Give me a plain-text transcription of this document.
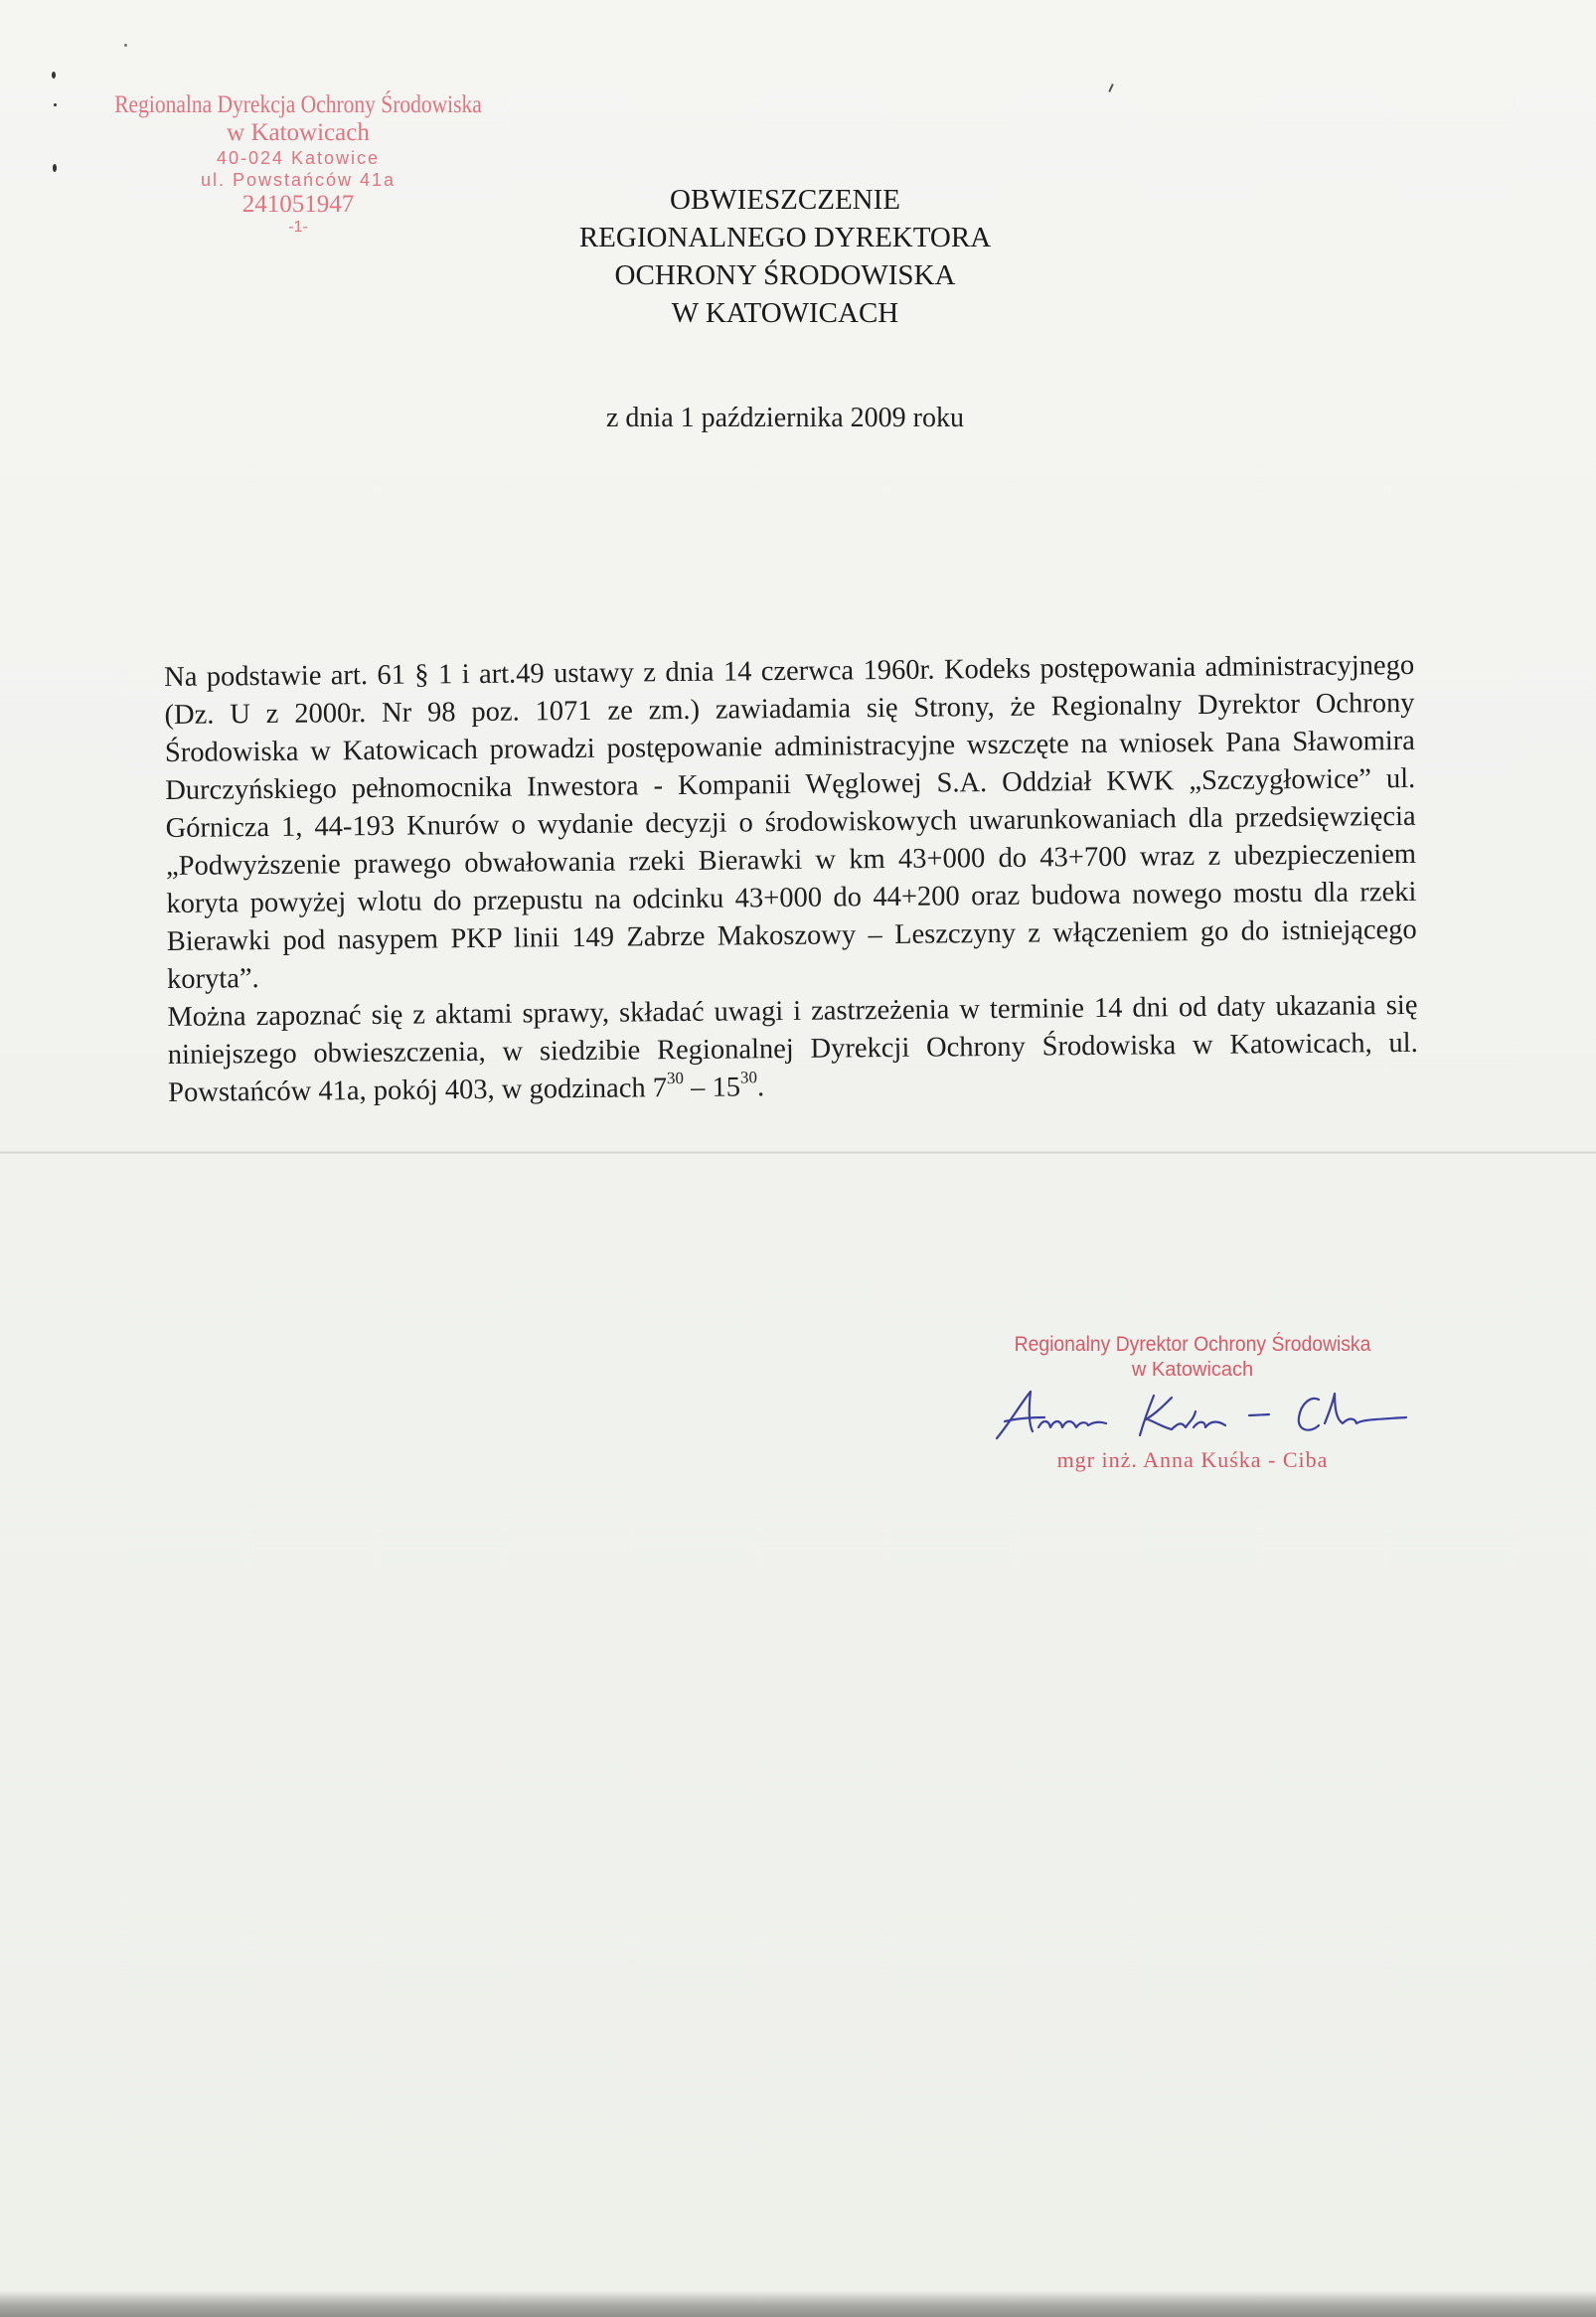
Regionalna Dyrekcja Ochrony Środowiska
w Katowicach
40-024 Katowice
ul. Powstańców 41a
241051947
-1-
OBWIESZCZENIE
REGIONALNEGO DYREKTORA
OCHRONY ŚRODOWISKA
W KATOWICACH
z dnia 1 października 2009 roku

Na podstawie art. 61 § 1 i art.49 ustawy z dnia 14 czerwca 1960r. Kodeks postępowania administracyjnego (Dz. U z 2000r. Nr 98 poz. 1071 ze zm.) zawiadamia się Strony, że Regionalny Dyrektor Ochrony Środowiska w Katowicach prowadzi postępowanie administracyjne wszczęte na wniosek Pana Sławomira Durczyńskiego pełnomocnika Inwestora - Kompanii Węglowej S.A. Oddział KWK „Szczygłowice” ul. Górnicza 1, 44-193 Knurów o wydanie decyzji o środowiskowych uwarunkowaniach dla przedsięwzięcia „Podwyższenie prawego obwałowania rzeki Bierawki w km 43+000 do 43+700 wraz z ubezpieczeniem koryta powyżej wlotu do przepustu na odcinku 43+000 do 44+200 oraz budowa nowego mostu dla rzeki Bierawki pod nasypem PKP linii 149 Zabrze Makoszowy – Leszczyny z włączeniem go do istniejącego koryta”.

Można zapoznać się z aktami sprawy, składać uwagi i zastrzeżenia w terminie 14 dni od daty ukazania się niniejszego obwieszczenia, w siedzibie Regionalnej Dyrekcji Ochrony Środowiska w Katowicach, ul. Powstańców 41a, pokój 403, w godzinach $7^{30} - 15^{30}$.

Regionalny Dyrektor Ochrony Środowiska
w Katowicach
mgr inż. Anna Kuśka - Ciba
